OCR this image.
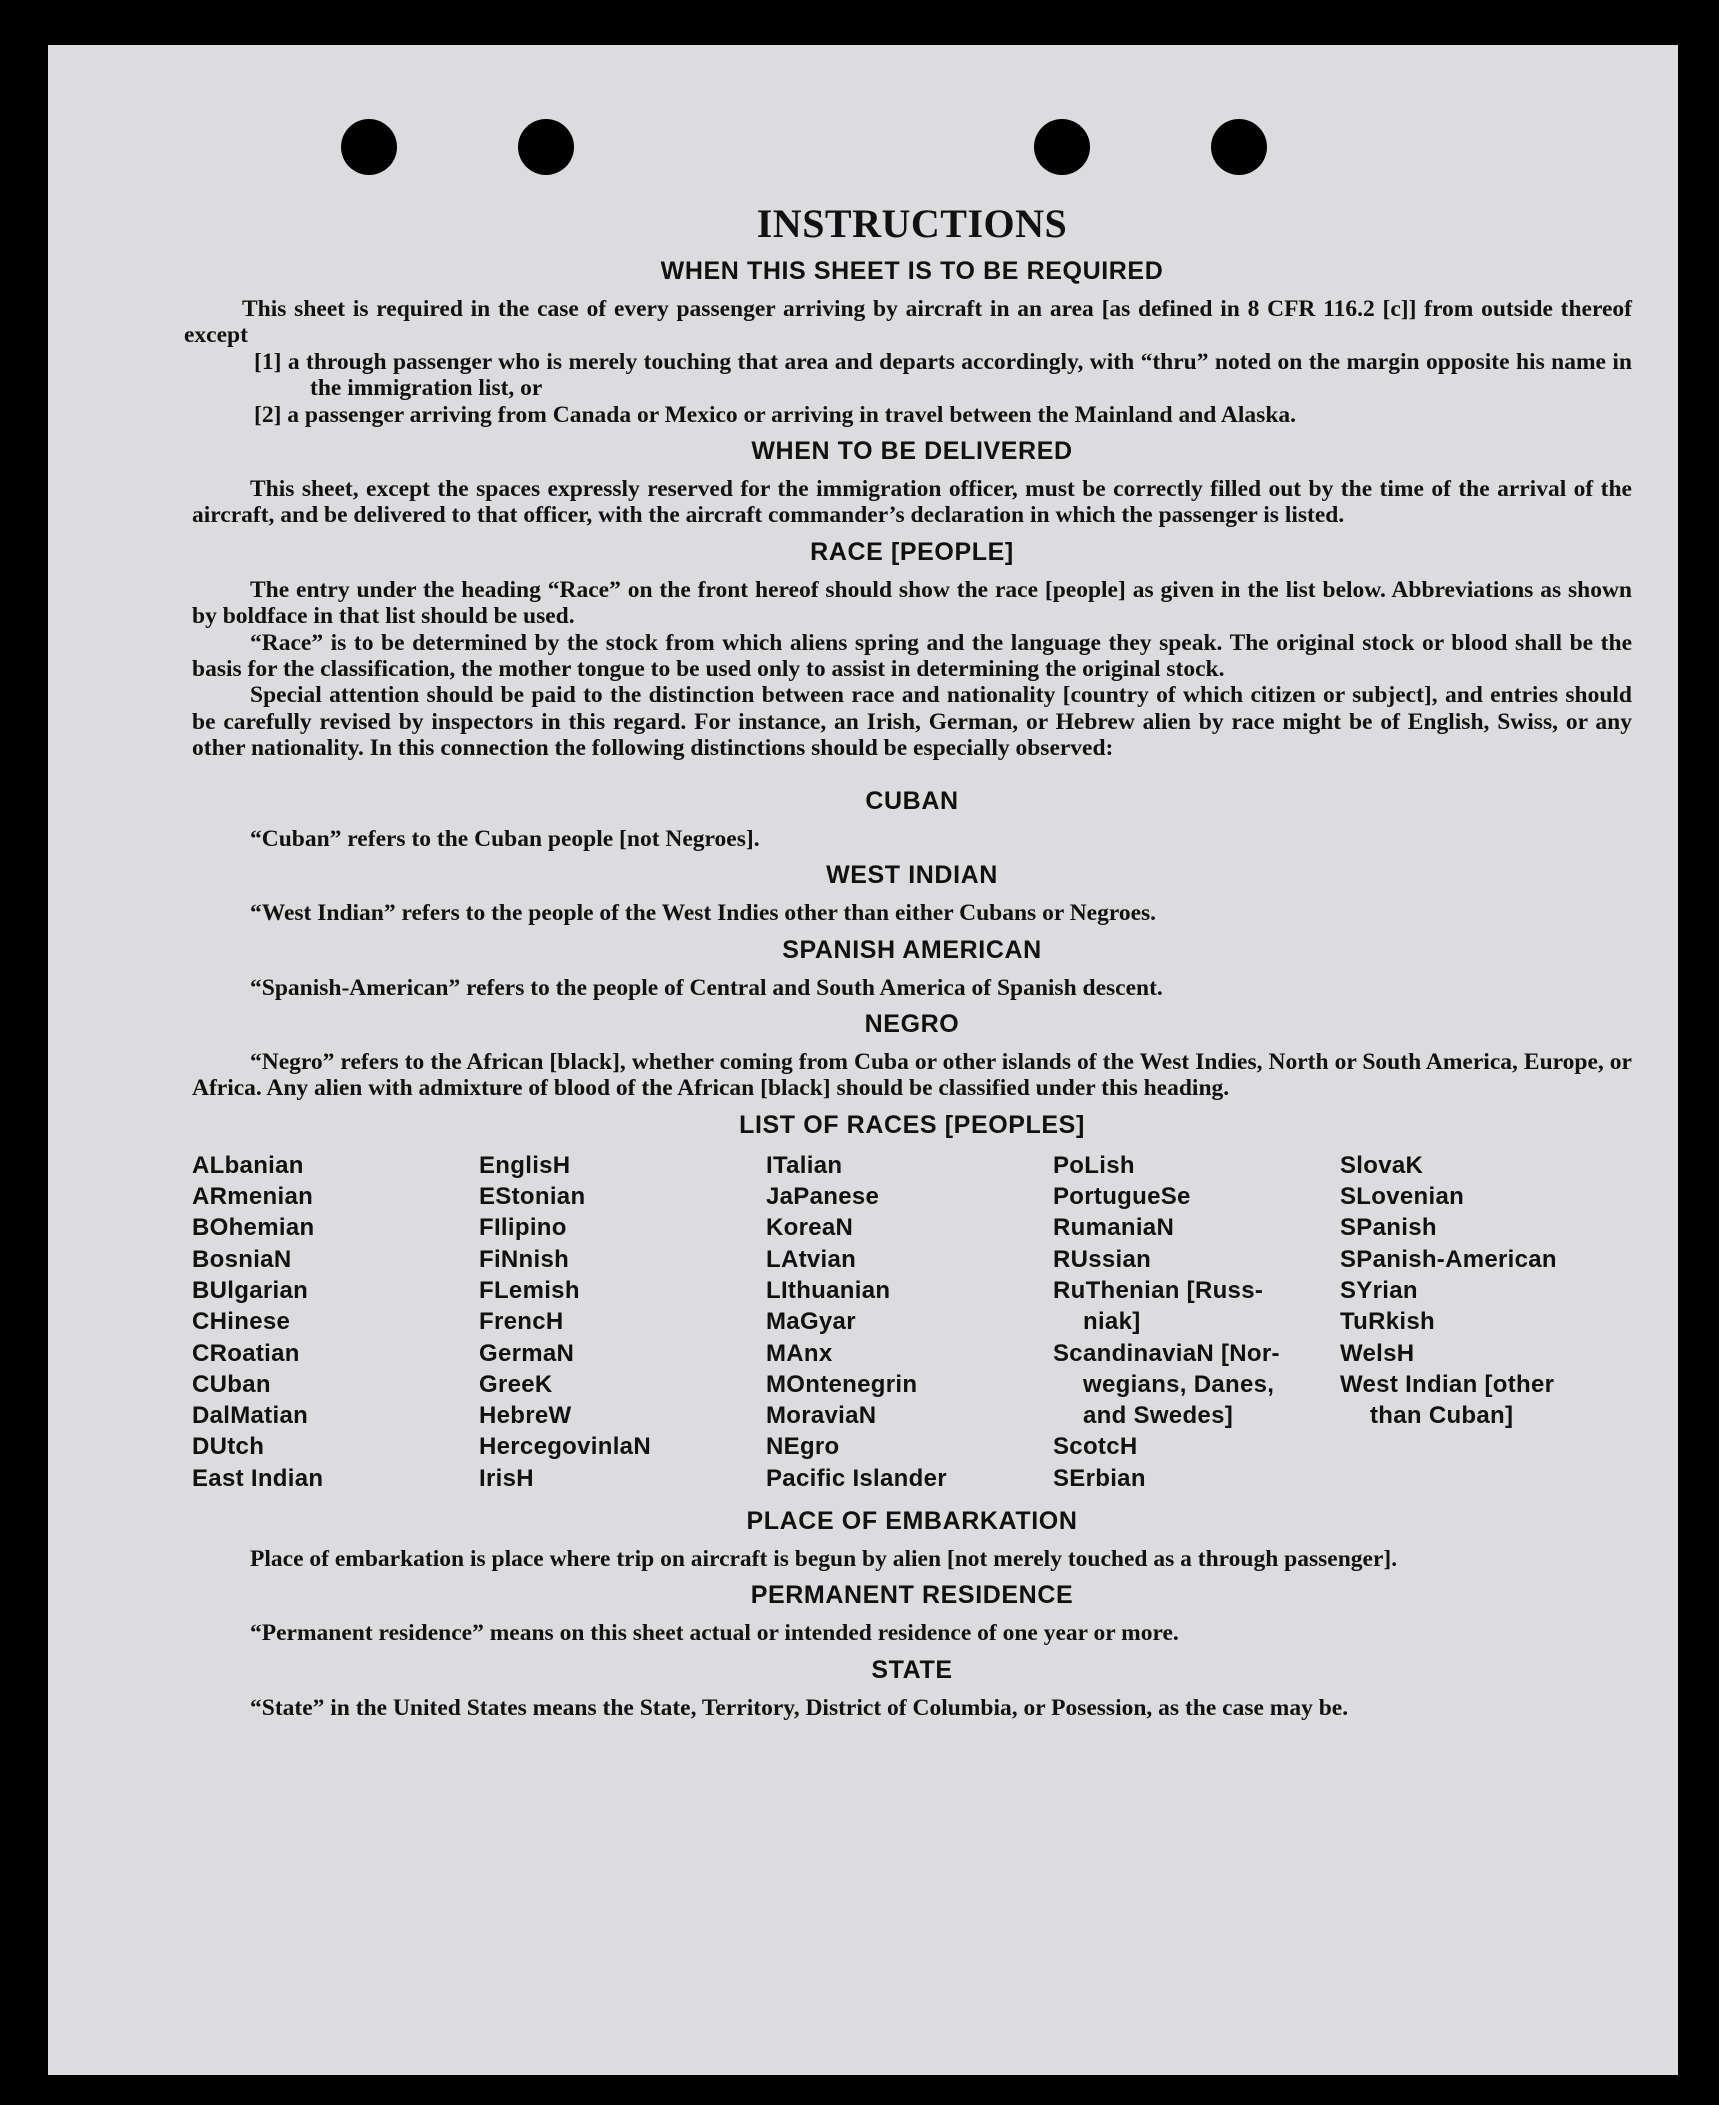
INSTRUCTIONS
WHEN THIS SHEET IS TO BE REQUIRED

This sheet is required in the case of every passenger arriving by aircraft in an area [as defined in 8 CFR 116.2 [c]] from outside thereof except

[1] a through passenger who is merely touching that area and departs accordingly, with “thru” noted on the margin opposite his name in the immigration list, or

[2] a passenger arriving from Canada or Mexico or arriving in travel between the Mainland and Alaska.

WHEN TO BE DELIVERED

This sheet, except the spaces expressly reserved for the immigration officer, must be correctly filled out by the time of the arrival of the aircraft, and be delivered to that officer, with the aircraft commander’s declaration in which the passenger is listed.

RACE [PEOPLE]

The entry under the heading “Race” on the front hereof should show the race [people] as given in the list below. Abbreviations as shown by boldface in that list should be used.

“Race” is to be determined by the stock from which aliens spring and the language they speak. The original stock or blood shall be the basis for the classification, the mother tongue to be used only to assist in determining the original stock.

Special attention should be paid to the distinction between race and nationality [country of which citizen or subject], and entries should be carefully revised by inspectors in this regard. For instance, an Irish, German, or Hebrew alien by race might be of English, Swiss, or any other nationality. In this connection the following distinctions should be especially observed:

CUBAN

“Cuban” refers to the Cuban people [not Negroes].

WEST INDIAN

“West Indian” refers to the people of the West Indies other than either Cubans or Negroes.

SPANISH AMERICAN

“Spanish-American” refers to the people of Central and South America of Spanish descent.

NEGRO

“Negro” refers to the African [black], whether coming from Cuba or other islands of the West Indies, North or South America, Europe, or Africa. Any alien with admixture of blood of the African [black] should be classified under this heading.

LIST OF RACES [PEOPLES]
ALbanian
ARmenian
BOhemian
BosniaN
BUlgarian
CHinese
CRoatian
CUban
DalMatian
DUtch
East Indian
EnglisH
EStonian
FIlipino
FiNnish
FLemish
FrencH
GermaN
GreeK
HebreW
HercegovinlaN
IrisH
ITalian
JaPanese
KoreaN
LAtvian
LIthuanian
MaGyar
MAnx
MOntenegrin
MoraviaN
NEgro
Pacific Islander
PoLish
PortugueSe
RumaniaN
RUssian
RuThenian [Russ-
niak]
ScandinaviaN [Nor-
wegians, Danes,
and Swedes]
ScotcH
SErbian
SlovaK
SLovenian
SPanish
SPanish-American
SYrian
TuRkish
WelsH
West Indian [other
than Cuban]
PLACE OF EMBARKATION

Place of embarkation is place where trip on aircraft is begun by alien [not merely touched as a through passenger].

PERMANENT RESIDENCE

“Permanent residence” means on this sheet actual or intended residence of one year or more.

STATE

“State” in the United States means the State, Territory, District of Columbia, or Posession, as the case may be.
